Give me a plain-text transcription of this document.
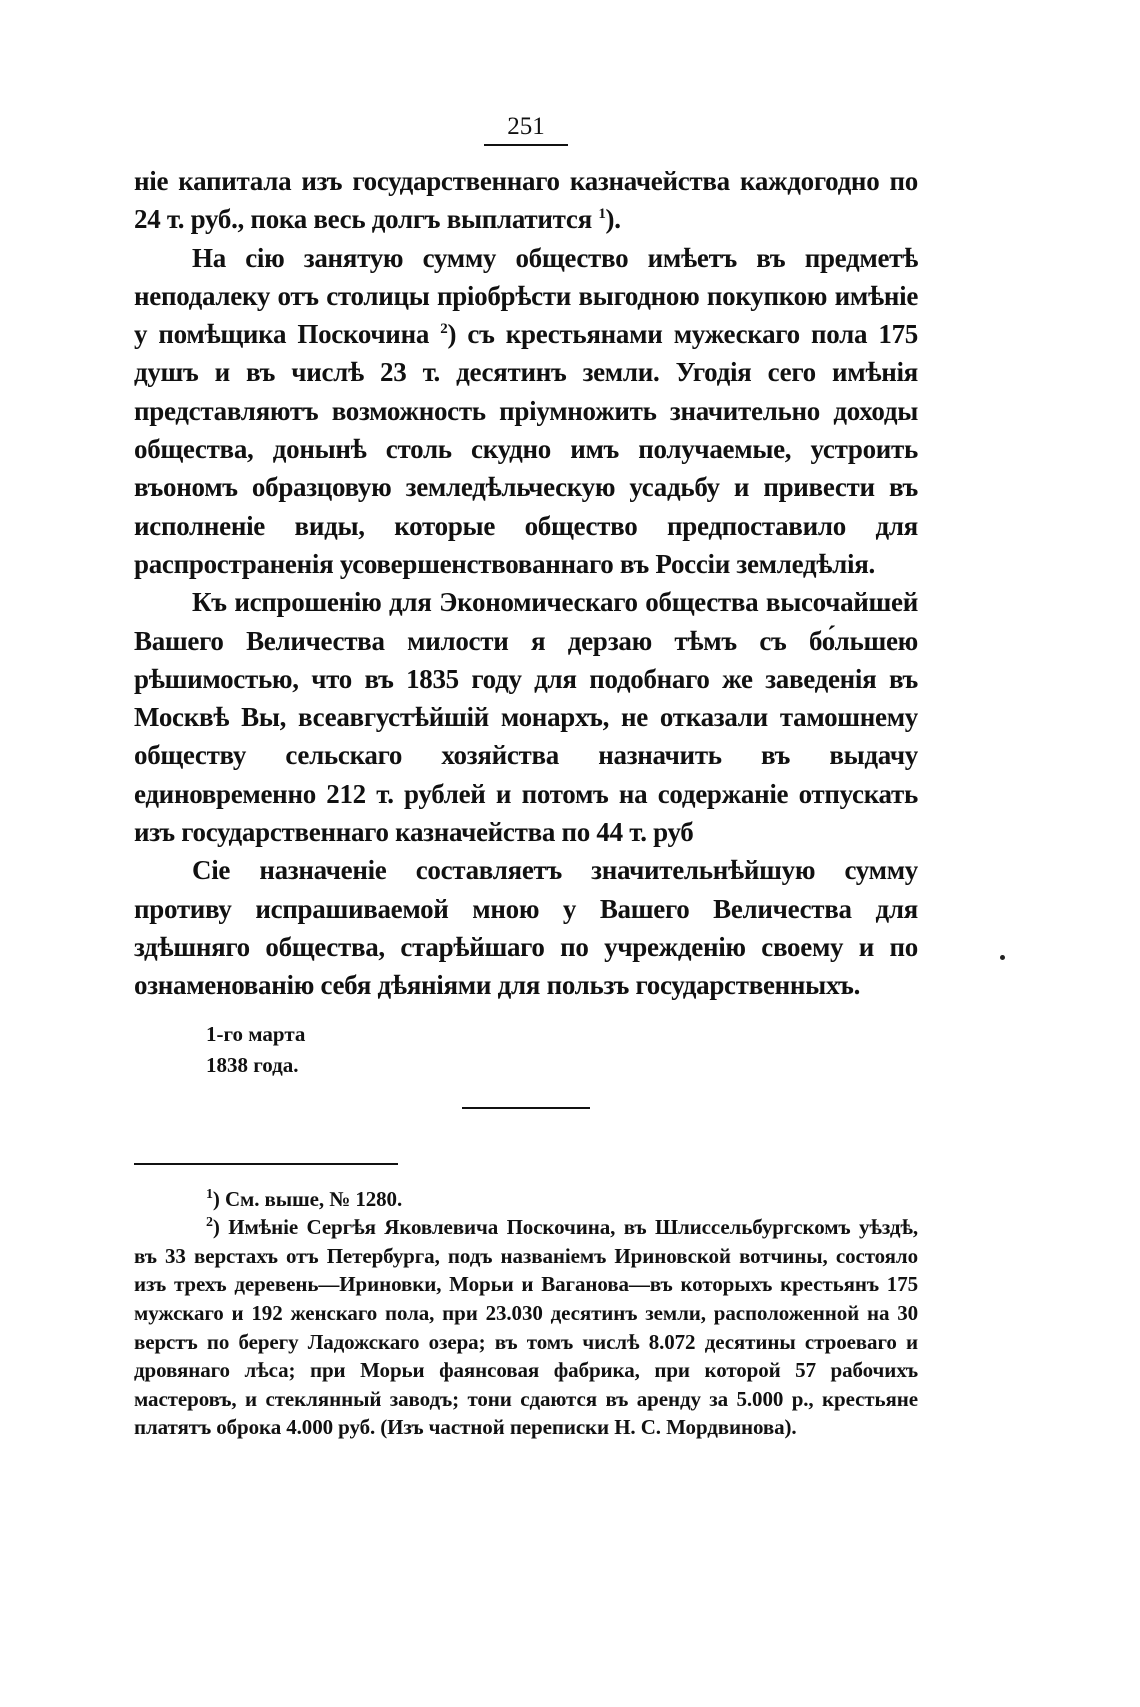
251

ніе капитала изъ государственнаго казначейства каждогодно по 24 т. руб., пока весь долгъ выплатится $^1$).

На сію занятую сумму общество имѣетъ въ предметѣ неподалеку отъ столицы пріобрѣсти выгодною покупкою имѣніе у помѣщика Поскочина $^2$) съ крестьянами мужескаго пола 175 душъ и въ числѣ 23 т. десятинъ земли. Угодія сего имѣнія представляютъ возможность пріумножить значительно доходы общества, донынѣ столь скудно имъ получаемые, устроить въономъ образцовую земледѣльческую усадьбу и привести въ исполненіе виды, которые общество предпоставило для распространенія усовершенствованнаго въ Россіи земледѣлія.

Къ испрошенію для Экономическаго общества высочайшей Вашего Величества милости я дерзаю тѣмъ съ бо́льшею рѣшимостью, что въ 1835 году для подобнаго же заведенія въ Москвѣ Вы, всеавгустѣйшій монархъ, не отказали тамошнему обществу сельскаго хозяйства назначить въ выдачу единовременно 212 т. рублей и потомъ на содержаніе отпускать изъ государственнаго казначейства по 44 т. руб

Сіе назначеніе составляетъ значительнѣйшую сумму противу испрашиваемой мною у Вашего Величества для здѣшняго общества, старѣйшаго по учрежденію своему и по ознаменованію себя дѣяніями для пользъ государственныхъ.

1-го марта
1838 года.

$^1$) См. выше, № 1280.

$^2$) Имѣніе Сергѣя Яковлевича Поскочина, въ Шлиссельбургскомъ уѣздѣ, въ 33 верстахъ отъ Петербурга, подъ названіемъ Ириновской вотчины, состояло изъ трехъ деревень—Ириновки, Морьи и Ваганова—въ которыхъ крестьянъ 175 мужскаго и 192 женскаго пола, при 23.030 десятинъ земли, расположенной на 30 верстъ по берегу Ладожскаго озера; въ томъ числѣ 8.072 десятины строеваго и дровянаго лѣса; при Морьи фаянсовая фабрика, при которой 57 рабочихъ мастеровъ, и стеклянный заводъ; тони сдаются въ аренду за 5.000 р., крестьяне платятъ оброка 4.000 руб. (Изъ частной переписки Н. С. Мордвинова).
